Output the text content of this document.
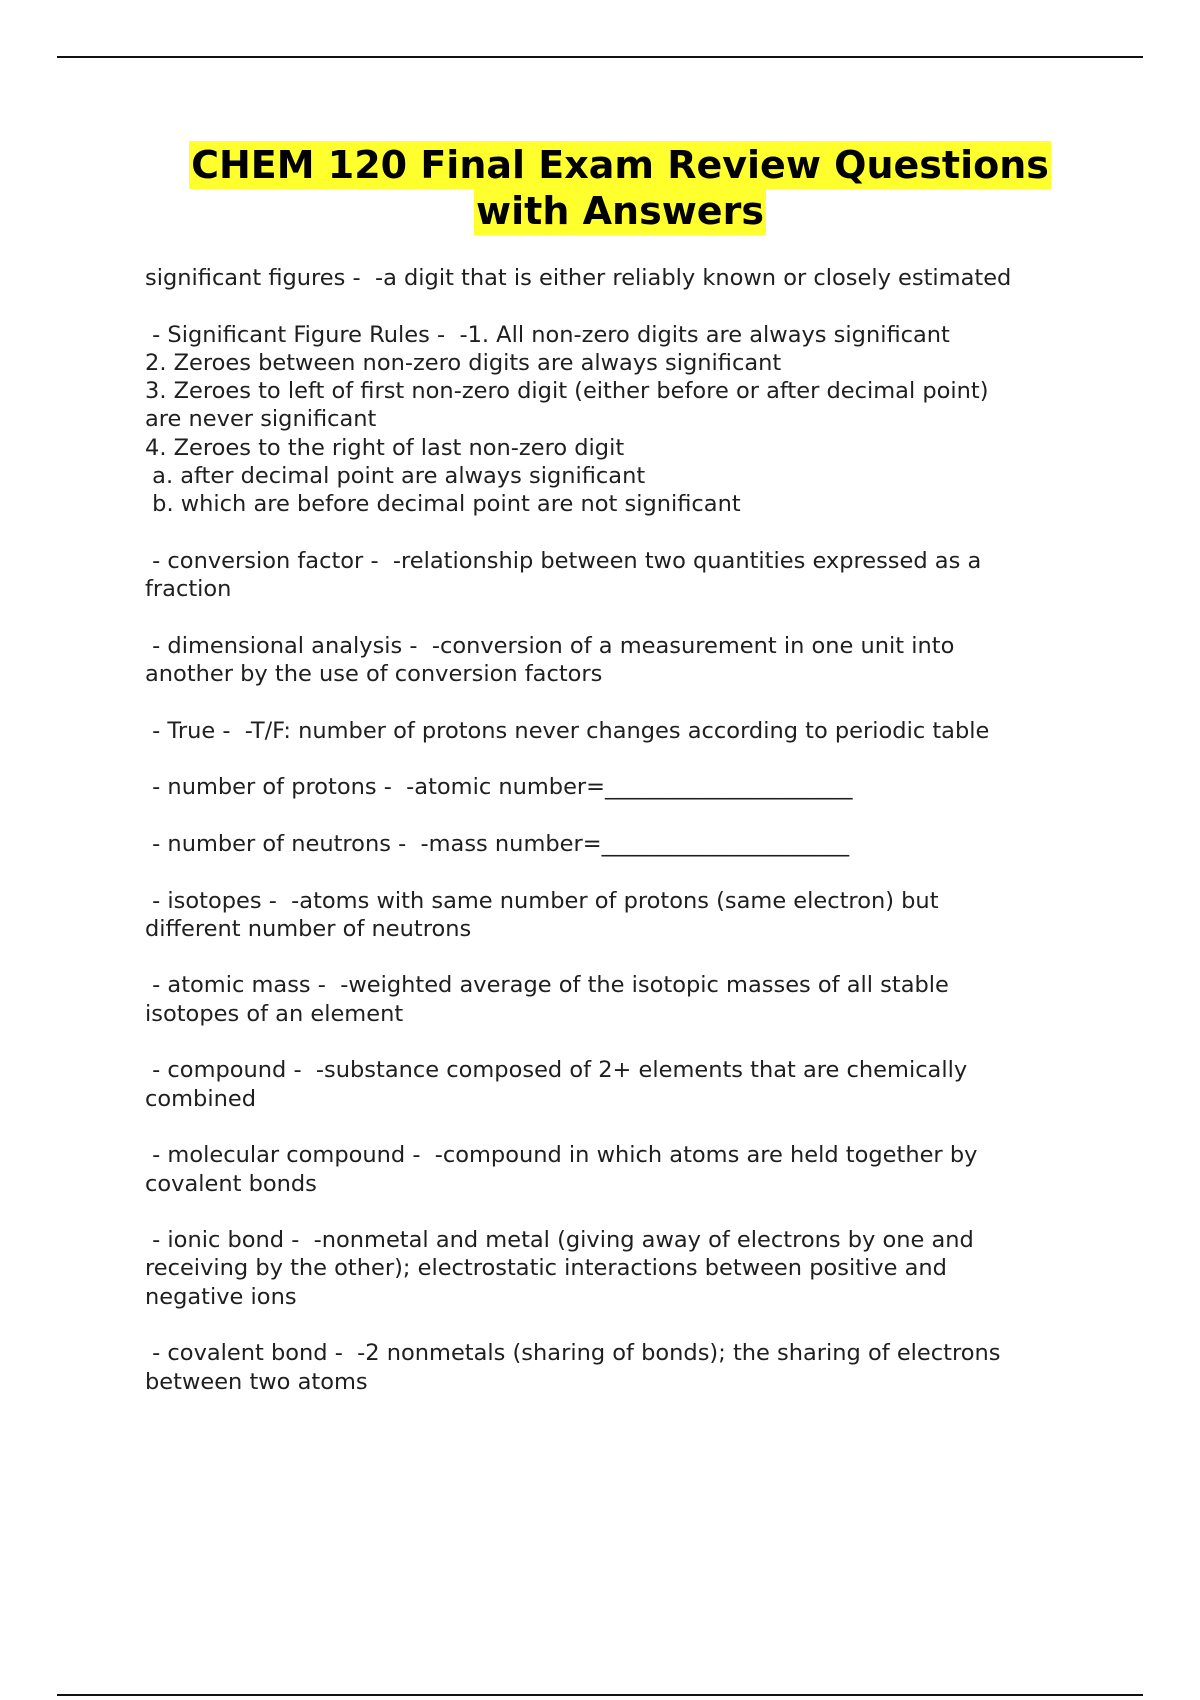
CHEM 120 Final Exam Review Questions
with Answers
significant figures -  -a digit that is either reliably known or closely estimated
- Significant Figure Rules -  -1. All non-zero digits are always significant
2. Zeroes between non-zero digits are always significant
3. Zeroes to left of first non-zero digit (either before or after decimal point)
are never significant
4. Zeroes to the right of last non-zero digit
a. after decimal point are always significant
b. which are before decimal point are not significant
- conversion factor -  -relationship between two quantities expressed as a
fraction
- dimensional analysis -  -conversion of a measurement in one unit into
another by the use of conversion factors
- True -  -T/F: number of protons never changes according to periodic table
- number of protons -  -atomic number=______________________
- number of neutrons -  -mass number=______________________
- isotopes -  -atoms with same number of protons (same electron) but
different number of neutrons
- atomic mass -  -weighted average of the isotopic masses of all stable
isotopes of an element
- compound -  -substance composed of 2+ elements that are chemically
combined
- molecular compound -  -compound in which atoms are held together by
covalent bonds
- ionic bond -  -nonmetal and metal (giving away of electrons by one and
receiving by the other); electrostatic interactions between positive and
negative ions
- covalent bond -  -2 nonmetals (sharing of bonds); the sharing of electrons
between two atoms
